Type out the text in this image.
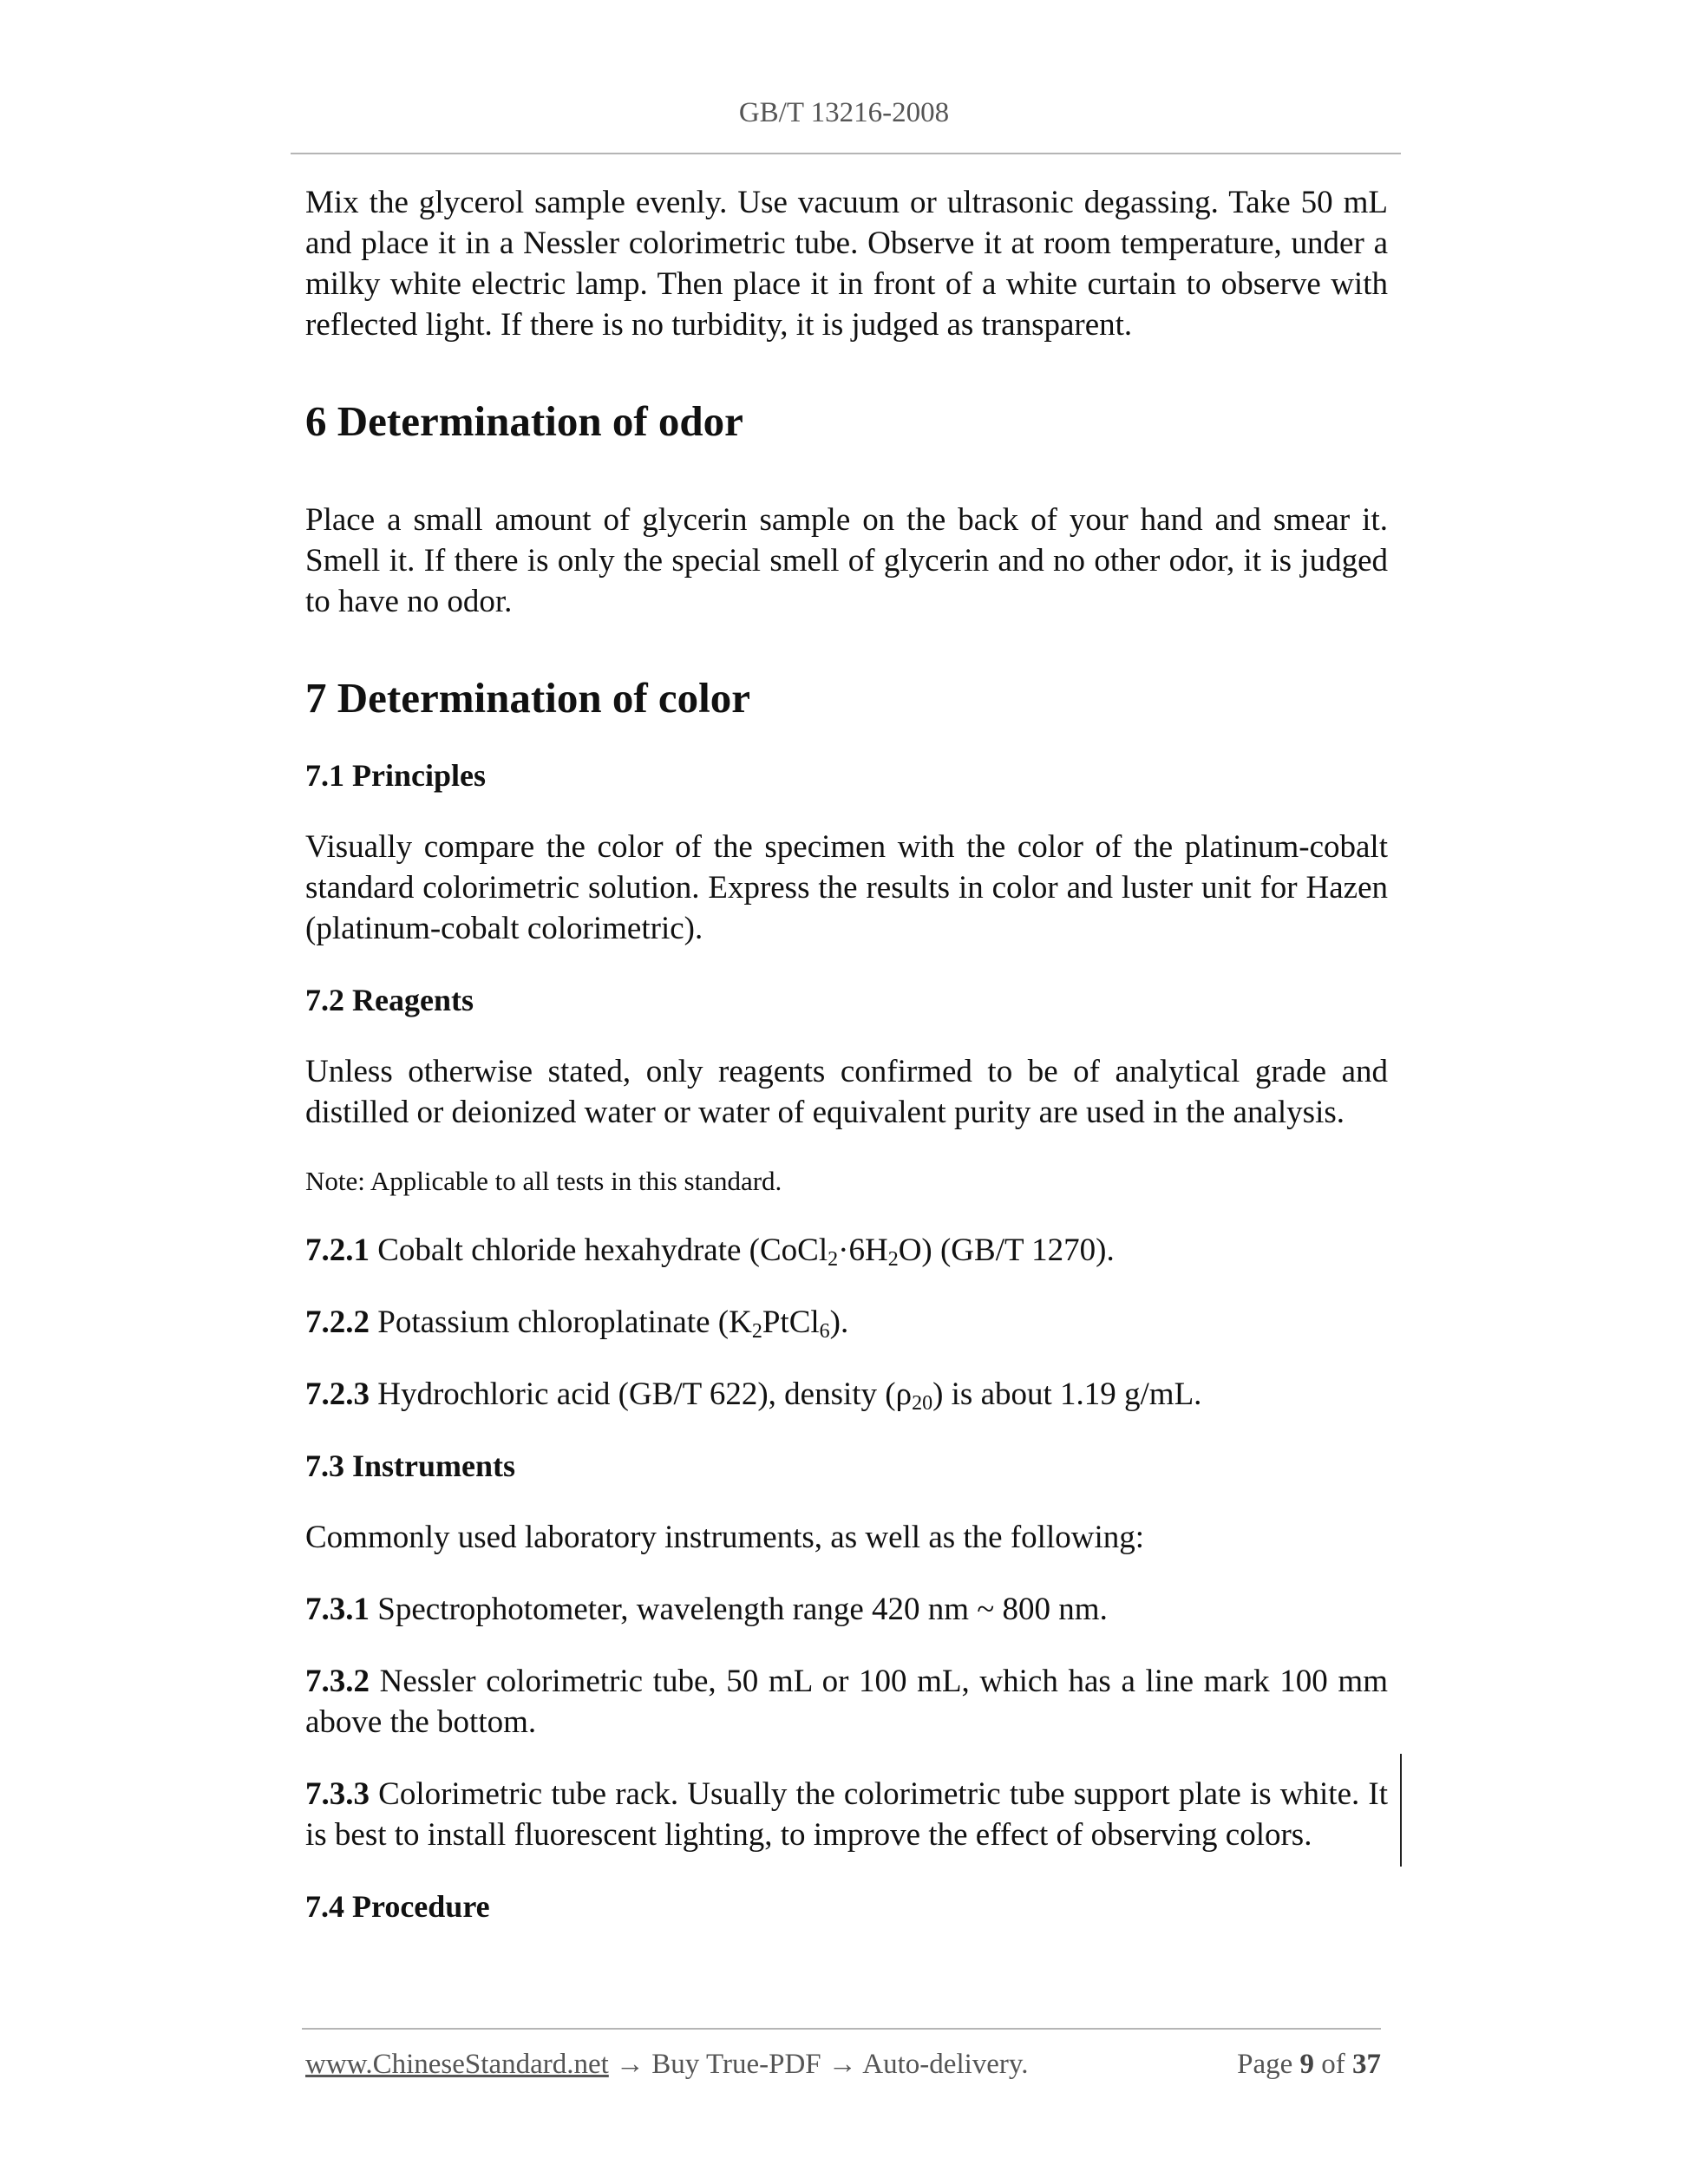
GB/T 13216-2008

Mix the glycerol sample evenly. Use vacuum or ultrasonic degassing. Take 50 mL and place it in a Nessler colorimetric tube. Observe it at room temperature, under a milky white electric lamp. Then place it in front of a white curtain to observe with reflected light. If there is no turbidity, it is judged as transparent.

6 Determination of odor

Place a small amount of glycerin sample on the back of your hand and smear it. Smell it. If there is only the special smell of glycerin and no other odor, it is judged to have no odor.

7 Determination of color
7.1 Principles

Visually compare the color of the specimen with the color of the platinum-cobalt standard colorimetric solution. Express the results in color and luster unit for Hazen (platinum-cobalt colorimetric).

7.2 Reagents

Unless otherwise stated, only reagents confirmed to be of analytical grade and distilled or deionized water or water of equivalent purity are used in the analysis.

Note: Applicable to all tests in this standard.

7.2.1 Cobalt chloride hexahydrate $(CoCl_2\cdot 6H_2O)$ (GB/T 1270).

7.2.2 Potassium chloroplatinate $(K_2PtCl_6)$.

7.2.3 Hydrochloric acid (GB/T 622), density $(\rho_{20})$ is about 1.19 g/mL.

7.3 Instruments

Commonly used laboratory instruments, as well as the following:

7.3.1 Spectrophotometer, wavelength range 420 nm ~ 800 nm.

7.3.2 Nessler colorimetric tube, 50 mL or 100 mL, which has a line mark 100 mm above the bottom.

7.3.3 Colorimetric tube rack. Usually the colorimetric tube support plate is white. It is best to install fluorescent lighting, to improve the effect of observing colors.

7.4 Procedure
www.ChineseStandard.net → Buy True-PDF → Auto-delivery.	Page 9 of 37
